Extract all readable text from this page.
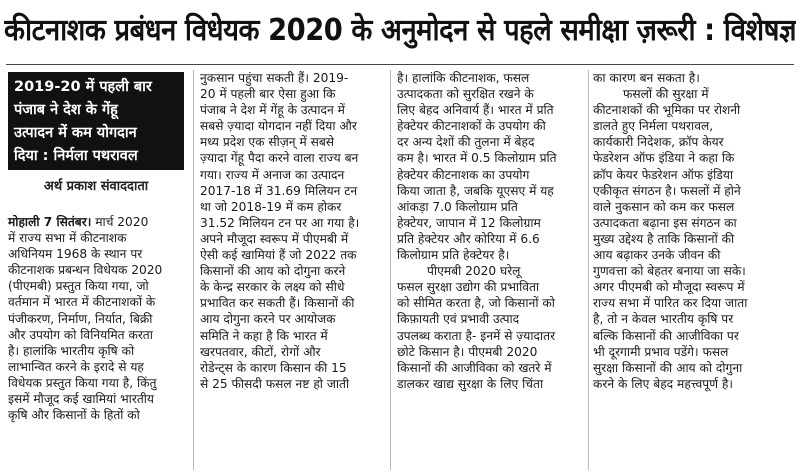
कीटनाशक प्रबंधन विधेयक 2020 के अनुमोदन से पहले समीक्षा ज़रूरी : विशेषज्ञ
2019-20 में पहली बार
पंजाब ने देश के गेंहू
उत्पादन में कम योगदान
दिया : निर्मला पथरावल
अर्थ प्रकाश संवाददाता

मोहाली 7 सितंबर। मार्च 2020

में राज्य सभा में कीटनाशक
अधिनियम 1968 के स्थान पर
कीटनाशक प्रबन्धन विधेयक 2020
(पीएमबी) प्रस्तुत किया गया, जो
वर्तमान में भारत में कीटनाशकों के
पंजीकरण, निर्माण, निर्यात, बिक्री
और उपयोग को विनियमित करता
है। हालांकि भारतीय कृषि को
लाभान्वित करने के इरादे से यह
विधेयक प्रस्तुत किया गया है, किंतु
इसमें मौजूद कई खामियां भारतीय
कृषि और किसानों के हितों को
नुकसान पहुंचा सकती हैं। 2019-
20 में पहली बार ऐसा हुआ कि
पंजाब ने देश में गेंहू के उत्पादन में
सबसे ज़्यादा योगदान नहीं दिया और
मध्य प्रदेश एक सीज़न् में सबसे
ज़्यादा गेंहू पैदा करने वाला राज्य बन
गया। राज्य में अनाज का उत्पादन
2017-18 में 31.69 मिलियन टन
था जो 2018-19 में कम होकर
31.52 मिलियन टन पर आ गया है।
अपने मौजूदा स्वरूप में पीएमबी में
ऐसी कई खामियां हैं जो 2022 तक
किसानों की आय को दोगुना करने
के केन्द्र सरकार के लक्ष्य को सीधे
प्रभावित कर सकती हैं। किसानों की
आय दोगुना करने पर आयोजक
समिति ने कहा है कि भारत में
खरपतवार, कीटों, रोगों और
रोडेन्ट्स के कारण किसान की 15
से 25 फीसदी फसल नष्ट हो जाती
है। हालांकि कीटनाशक, फसल
उत्पादकता को सुरक्षित रखने के
लिए बेहद अनिवार्य हैं। भारत में प्रति
हेक्टेयर कीटनाशकों के उपयोग की
दर अन्य देशों की तुलना में बेहद
कम है। भारत में 0.5 किलोग्राम प्रति
हेक्टेयर कीटनाशक का उपयोग
किया जाता है, जबकि यूएसए में यह
आंकड़ा 7.0 किलोग्राम प्रति
हेक्टेयर, जापान में 12 किलोग्राम
प्रति हेक्टेयर और कोरिया में 6.6
किलोग्राम प्रति हेक्टेयर है।
पीएमबी 2020 घरेलू
फसल सुरक्षा उद्योग की प्रभाविता
को सीमित करता है, जो किसानों को
किफ़ायती एवं प्रभावी उत्पाद
उपलब्ध कराता है- इनमें से ज़्यादातर
छोटे किसान है। पीएमबी 2020
किसानों की आजीविका को खतरे में
डालकर खाद्य सुरक्षा के लिए चिंता
का कारण बन सकता है।
फसलों की सुरक्षा में
कीटनाशकों की भूमिका पर रोशनी
डालते हुए निर्मला पथरावल,
कार्यकारी निदेशक, क्रॉप केयर
फेडरेशन ऑफ इंडिया ने कहा कि
क्रॉप केयर फेडरेशन ऑफ इंडिया
एकीकृत संगठन है। फसलों में होने
वाले नुकसान को कम कर फसल
उत्पादकता बढ़ाना इस संगठन का
मुख्य उद्देश्य है ताकि किसानों की
आय बढ़ाकर उनके जीवन की
गुणवत्ता को बेहतर बनाया जा सके।
अगर पीएमबी को मौजूदा स्वरूप में
राज्य सभा में पारित कर दिया जाता
है, तो न केवल भारतीय कृषि पर
बल्कि किसानों की आजीविका पर
भी दूरगामी प्रभाव पडेंगे। फसल
सुरक्षा किसानों की आय को दोगुना
करने के लिए बेहद महत्त्वपूर्ण है।
